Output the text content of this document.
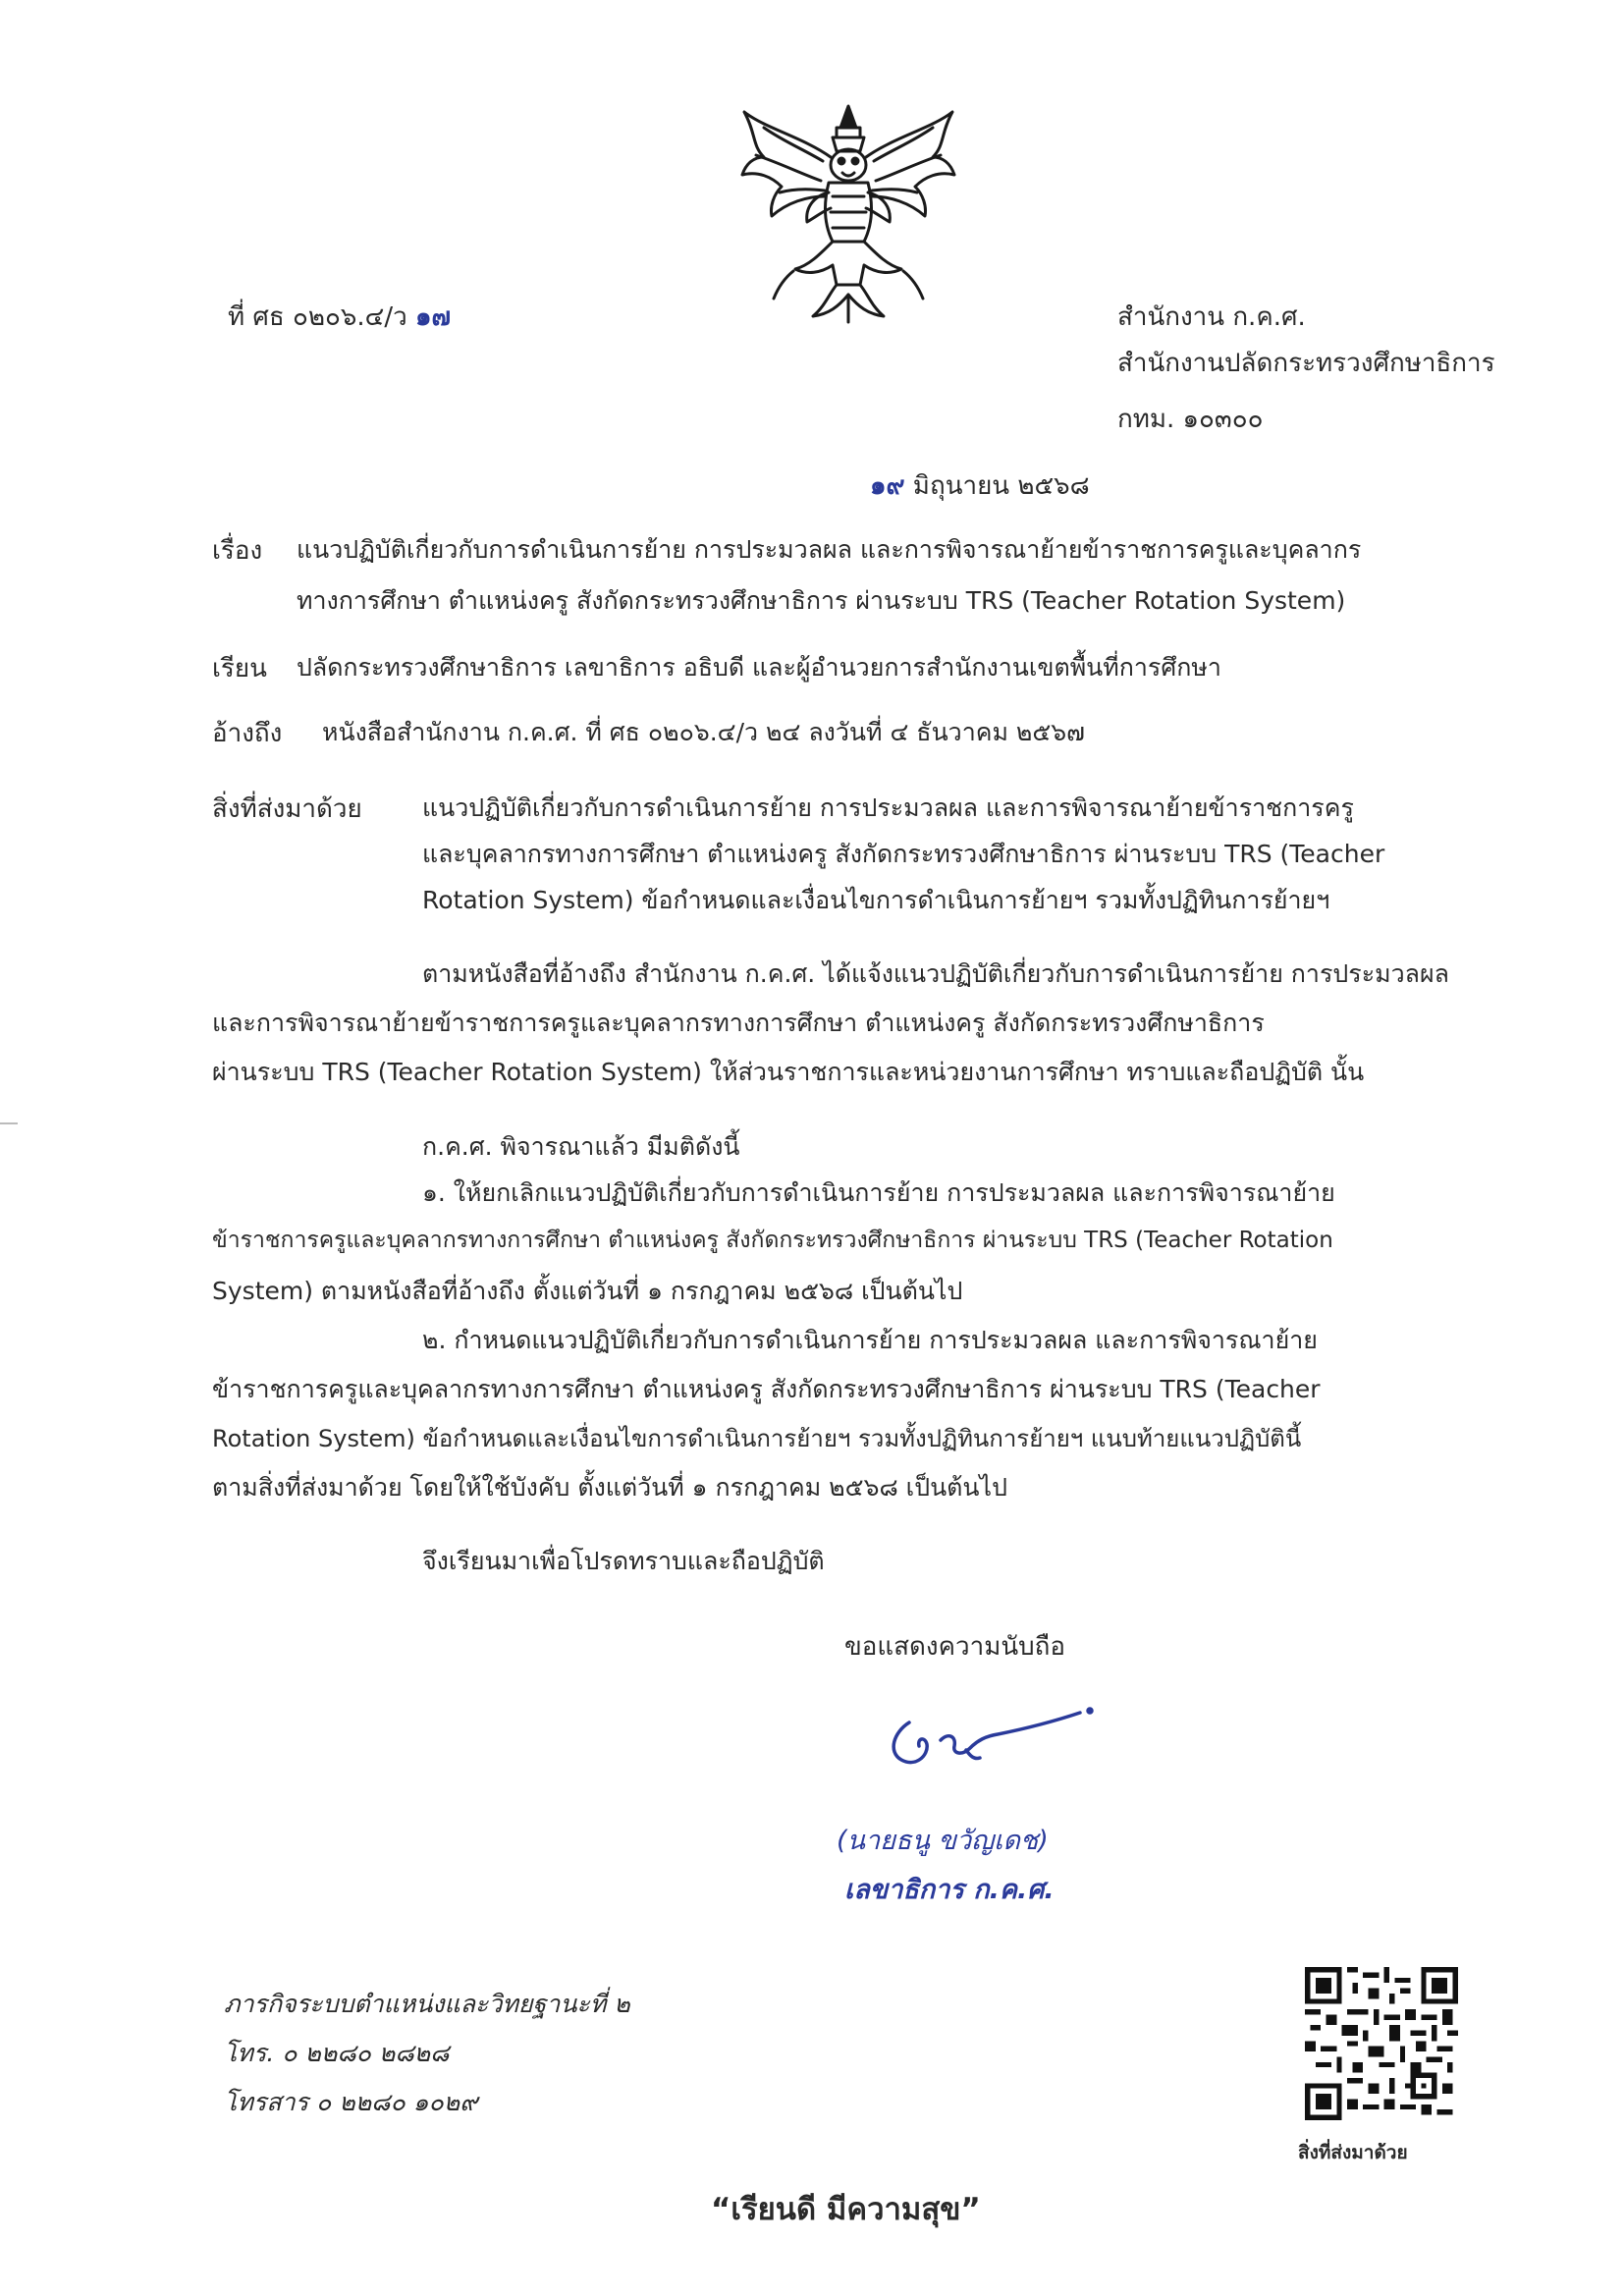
ที่ ศธ ๐๒๐๖.๔/ว ๑๗	สำนักงาน ก.ค.ศ.
สำนักงานปลัดกระทรวงศึกษาธิการ
กทม. ๑๐๓๐๐
๑๙ มิถุนายน ๒๕๖๘
เรื่อง แนวปฏิบัติเกี่ยวกับการดำเนินการย้าย การประมวลผล และการพิจารณาย้ายข้าราชการครูและบุคลากร
ทางการศึกษา ตำแหน่งครู สังกัดกระทรวงศึกษาธิการ ผ่านระบบ TRS (Teacher Rotation System)
เรียน ปลัดกระทรวงศึกษาธิการ เลขาธิการ อธิบดี และผู้อำนวยการสำนักงานเขตพื้นที่การศึกษา
อ้างถึง หนังสือสำนักงาน ก.ค.ศ. ที่ ศธ ๐๒๐๖.๔/ว ๒๔ ลงวันที่ ๔ ธันวาคม ๒๕๖๗
สิ่งที่ส่งมาด้วย แนวปฏิบัติเกี่ยวกับการดำเนินการย้าย การประมวลผล และการพิจารณาย้ายข้าราชการครู
และบุคลากรทางการศึกษา ตำแหน่งครู สังกัดกระทรวงศึกษาธิการ ผ่านระบบ TRS (Teacher
Rotation System) ข้อกำหนดและเงื่อนไขการดำเนินการย้ายฯ รวมทั้งปฏิทินการย้ายฯ
ตามหนังสือที่อ้างถึง สำนักงาน ก.ค.ศ. ได้แจ้งแนวปฏิบัติเกี่ยวกับการดำเนินการย้าย การประมวลผล
และการพิจารณาย้ายข้าราชการครูและบุคลากรทางการศึกษา ตำแหน่งครู สังกัดกระทรวงศึกษาธิการ
ผ่านระบบ TRS (Teacher Rotation System) ให้ส่วนราชการและหน่วยงานการศึกษา ทราบและถือปฏิบัติ นั้น
ก.ค.ศ. พิจารณาแล้ว มีมติดังนี้
๑. ให้ยกเลิกแนวปฏิบัติเกี่ยวกับการดำเนินการย้าย การประมวลผล และการพิจารณาย้าย
ข้าราชการครูและบุคลากรทางการศึกษา ตำแหน่งครู สังกัดกระทรวงศึกษาธิการ ผ่านระบบ TRS (Teacher Rotation
System) ตามหนังสือที่อ้างถึง ตั้งแต่วันที่ ๑ กรกฎาคม ๒๕๖๘ เป็นต้นไป
๒. กำหนดแนวปฏิบัติเกี่ยวกับการดำเนินการย้าย การประมวลผล และการพิจารณาย้าย
ข้าราชการครูและบุคลากรทางการศึกษา ตำแหน่งครู สังกัดกระทรวงศึกษาธิการ ผ่านระบบ TRS (Teacher
Rotation System) ข้อกำหนดและเงื่อนไขการดำเนินการย้ายฯ รวมทั้งปฏิทินการย้ายฯ แนบท้ายแนวปฏิบัตินี้
ตามสิ่งที่ส่งมาด้วย โดยให้ใช้บังคับ ตั้งแต่วันที่ ๑ กรกฎาคม ๒๕๖๘ เป็นต้นไป
จึงเรียนมาเพื่อโปรดทราบและถือปฏิบัติ
ขอแสดงความนับถือ
(นายธนู ขวัญเดช)
เลขาธิการ ก.ค.ศ.
ภารกิจระบบตำแหน่งและวิทยฐานะที่ ๒
โทร. ๐ ๒๒๘๐ ๒๘๒๘
โทรสาร ๐ ๒๒๘๐ ๑๐๒๙
สิ่งที่ส่งมาด้วย
“เรียนดี มีความสุข”
